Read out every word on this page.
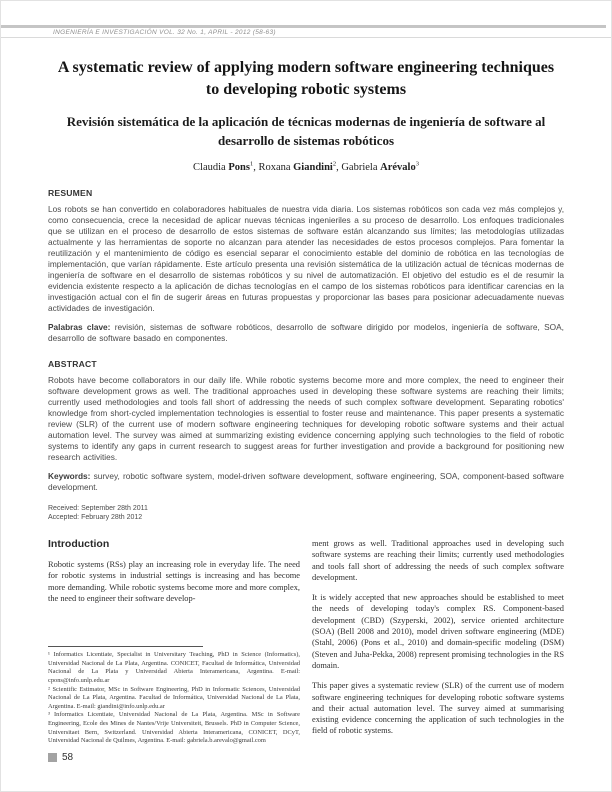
INGENIERÍA E INVESTIGACIÓN VOL. 32 No. 1, APRIL - 2012 (58-63)
A systematic review of applying modern software engineering techniques to developing robotic systems
Revisión sistemática de la aplicación de técnicas modernas de ingeniería de software al desarrollo de sistemas robóticos
Claudia Pons$^1$, Roxana Giandini$^2$, Gabriela Arévalo$^3$
RESUMEN

Los robots se han convertido en colaboradores habituales de nuestra vida diaria. Los sistemas robóticos son cada vez más complejos y, como consecuencia, crece la necesidad de aplicar nuevas técnicas ingenieriles a su proceso de desarrollo. Los enfoques tradicionales que se utilizan en el proceso de desarrollo de estos sistemas de software están alcanzando sus límites; las metodologías utilizadas actualmente y las herramientas de soporte no alcanzan para atender las necesidades de estos procesos complejos. Para fomentar la reutilización y el mantenimiento de código es esencial separar el conocimiento estable del dominio de robótica en las tecnologías de implementación, que varían rápidamente. Este artículo presenta una revisión sistemática de la utilización actual de técnicas modernas de ingeniería de software en el desarrollo de sistemas robóticos y su nivel de automatización. El objetivo del estudio es el de resumir la evidencia existente respecto a la aplicación de dichas tecnologías en el campo de los sistemas robóticos para identificar carencias en la investigación actual con el fin de sugerir áreas en futuras propuestas y proporcionar las bases para posicionar adecuadamente nuevas actividades de investigación.

Palabras clave: revisión, sistemas de software robóticos, desarrollo de software dirigido por modelos, ingeniería de software, SOA, desarrollo de software basado en componentes.

ABSTRACT

Robots have become collaborators in our daily life. While robotic systems become more and more complex, the need to engineer their software development grows as well. The traditional approaches used in developing these software systems are reaching their limits; currently used methodologies and tools fall short of addressing the needs of such complex software development. Separating robotics' knowledge from short-cycled implementation technologies is essential to foster reuse and maintenance. This paper presents a systematic review (SLR) of the current use of modern software engineering techniques for developing robotic software systems and their actual automation level. The survey was aimed at summarizing existing evidence concerning applying such technologies to the field of robotic systems to identify any gaps in current research to suggest areas for further investigation and provide a background for positioning new research activities.

Keywords: survey, robotic software system, model-driven software development, software engineering, SOA, component-based software development.

Received: September 28th 2011
Accepted: February 28th 2012
Introduction

Robotic systems (RSs) play an increasing role in everyday life. The need for robotic systems in industrial settings is increasing and has become more demanding. While robotic systems become more and more complex, the need to engineer their software develop-

¹ Informatics Licentiate, Specialist in Universitary Teaching, PhD in Science (Informatics), Universidad Nacional de La Plata, Argentina. CONICET, Facultad de Informática, Universidad Nacional de La Plata y Universidad Abierta Interamericana, Argentina. E-mail: cpons@info.unlp.edu.ar

² Scientific Estimator, MSc in Software Engineering, PhD in Informatic Sciences, Universidad Nacional de La Plata, Argentina. Facultad de Informática, Universidad Nacional de La Plata, Argentina. E-mail: giandini@info.unlp.edu.ar

³ Informatics Licentiate, Universidad Nacional de La Plata, Argentina. MSc in Software Engineering, Ecole des Mines de Nantes/Vrije Universiteit, Brussels. PhD in Computer Science, Universitaet Bern, Switzerland. Universidad Abierta Interamericana, CONICET, DCyT, Universidad Nacional de Quilmes, Argentina. E-mail: gabriela.b.arevalo@gmail.com

ment grows as well. Traditional approaches used in developing such software systems are reaching their limits; currently used methodologies and tools fall short of addressing the needs of such complex software development.

It is widely accepted that new approaches should be established to meet the needs of developing today's complex RS. Component-based development (CBD) (Szyperski, 2002), service oriented architecture (SOA) (Bell 2008 and 2010), model driven software engineering (MDE) (Stahl, 2006) (Pons et al., 2010) and domain-specific modeling (DSM) (Steven and Juha-Pekka, 2008) represent promising technologies in the RS domain.

This paper gives a systematic review (SLR) of the current use of modern software engineering techniques for developing robotic software systems and their actual automation level. The survey aimed at summarising existing evidence concerning the application of such technologies in the field of robotic systems.

58
